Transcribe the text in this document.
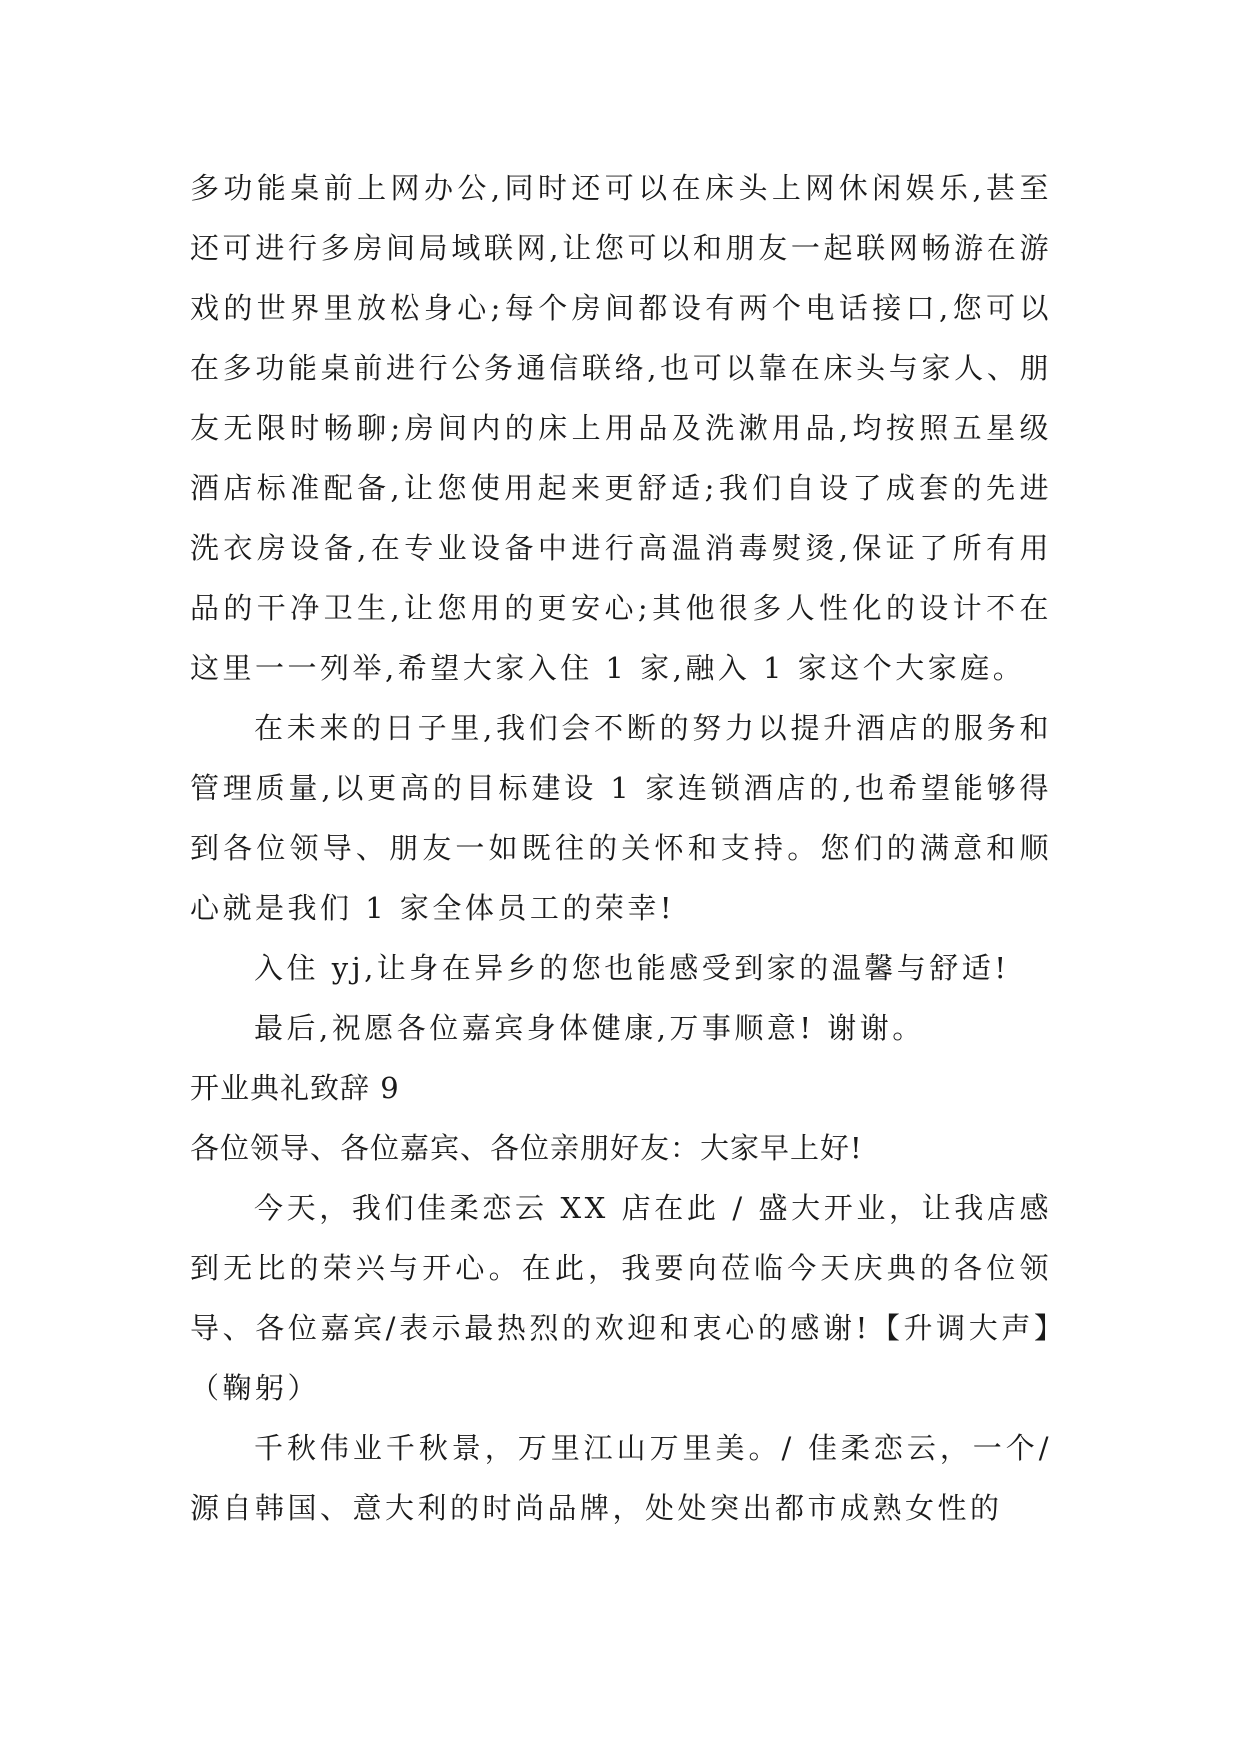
多功能桌前上网办公,同时还可以在床头上网休闲娱乐,甚至还可进行多房间局域联网,让您可以和朋友一起联网畅游在游戏的世界里放松身心;每个房间都设有两个电话接口,您可以在多功能桌前进行公务通信联络,也可以靠在床头与家人、朋友无限时畅聊;房间内的床上用品及洗漱用品,均按照五星级酒店标准配备,让您使用起来更舒适;我们自设了成套的先进洗衣房设备,在专业设备中进行高温消毒熨烫,保证了所有用品的干净卫生,让您用的更安心;其他很多人性化的设计不在这里一一列举,希望大家入住 1 家,融入 1 家这个大家庭。

在未来的日子里,我们会不断的努力以提升酒店的服务和管理质量,以更高的目标建设 1 家连锁酒店的,也希望能够得到各位领导、朋友一如既往的关怀和支持。您们的满意和顺心就是我们 1 家全体员工的荣幸!

入住 yj,让身在异乡的您也能感受到家的温馨与舒适!

最后,祝愿各位嘉宾身体健康,万事顺意! 谢谢。

开业典礼致辞 9

各位领导、各位嘉宾、各位亲朋好友：大家早上好!

今天，我们佳柔恋云 XX 店在此 / 盛大开业，让我店感到无比的荣兴与开心。在此，我要向莅临今天庆典的各位领导、各位嘉宾/表示最热烈的欢迎和衷心的感谢!【升调大声】（鞠躬）

千秋伟业千秋景，万里江山万里美。/ 佳柔恋云，一个/源自韩国、意大利的时尚品牌，处处突出都市成熟女性的
